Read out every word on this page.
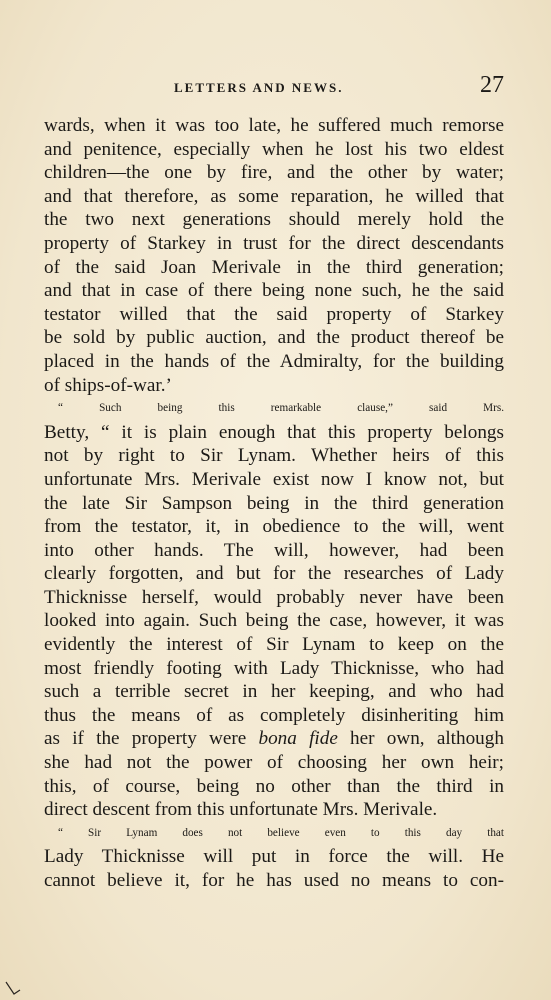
LETTERS AND NEWS.	27
wards, when it was too late, he suffered much remorse
and penitence, especially when he lost his two eldest
children—the one by fire, and the other by water;
and that therefore, as some reparation, he willed that
the two next generations should merely hold the
property of Starkey in trust for the direct descendants
of the said Joan Merivale in the third generation;
and that in case of there being none such, he the said
testator willed that the said property of Starkey
be sold by public auction, and the product thereof be
placed in the hands of the Admiralty, for the building
of ships-of-war.’
“ Such being this remarkable clause,” said Mrs.
Betty, “ it is plain enough that this property belongs
not by right to Sir Lynam. Whether heirs of this
unfortunate Mrs. Merivale exist now I know not, but
the late Sir Sampson being in the third generation
from the testator, it, in obedience to the will, went
into other hands. The will, however, had been
clearly forgotten, and but for the researches of Lady
Thicknisse herself, would probably never have been
looked into again. Such being the case, however, it was
evidently the interest of Sir Lynam to keep on the
most friendly footing with Lady Thicknisse, who had
such a terrible secret in her keeping, and who had
thus the means of as completely disinheriting him
as if the property were bona fide her own, although
she had not the power of choosing her own heir;
this, of course, being no other than the third in
direct descent from this unfortunate Mrs. Merivale.
“ Sir Lynam does not believe even to this day that
Lady Thicknisse will put in force the will. He
cannot believe it, for he has used no means to con-
